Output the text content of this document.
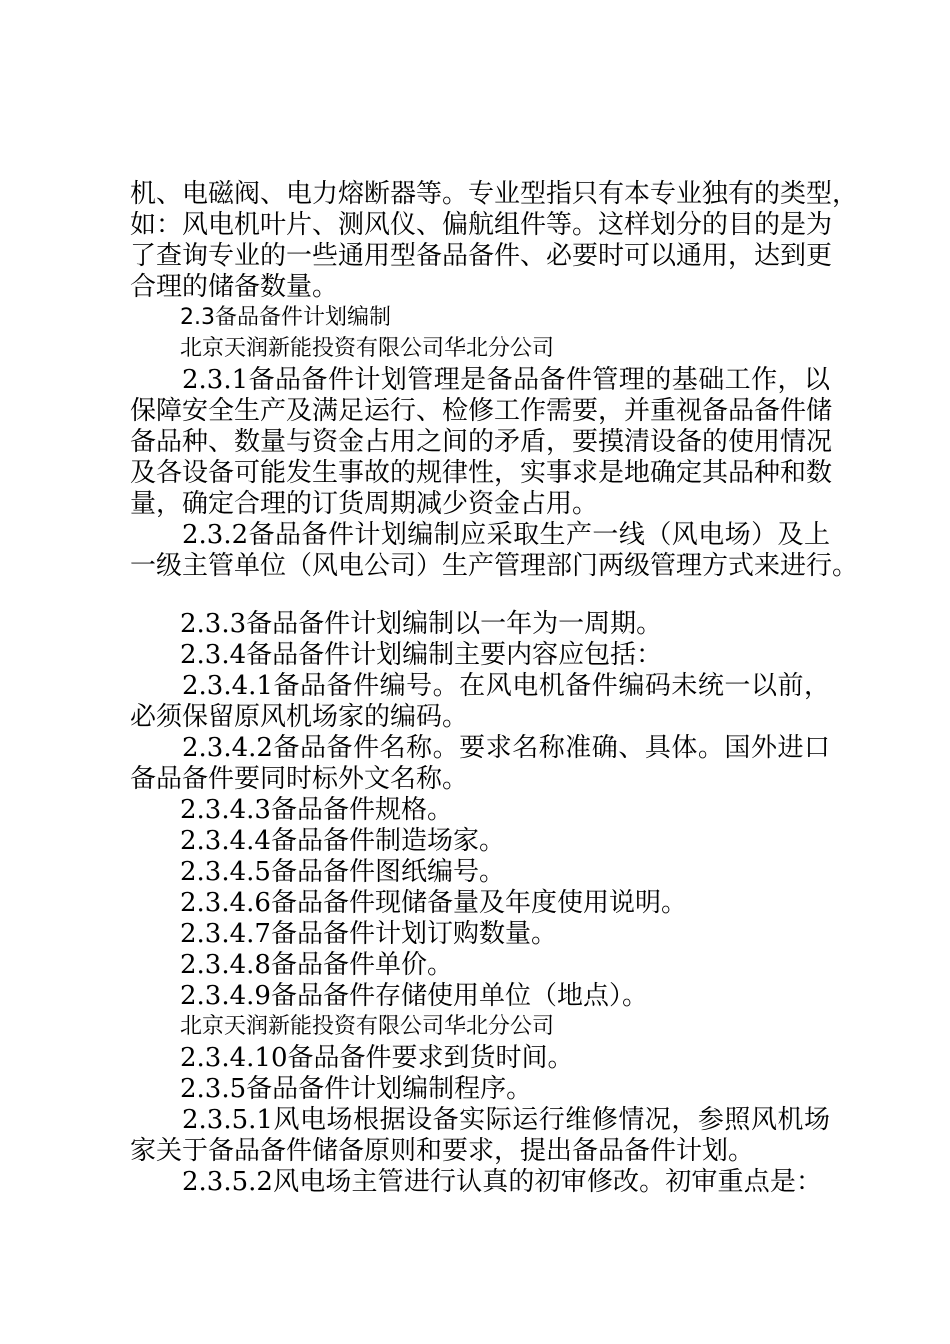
机、电磁阀、电力熔断器等。专业型指只有本专业独有的类型，
如：风电机叶片、测风仪、偏航组件等。这样划分的目的是为
了查询专业的一些通用型备品备件、必要时可以通用，达到更
合理的储备数量。
2.3备品备件计划编制
北京天润新能投资有限公司华北分公司
2.3.1备品备件计划管理是备品备件管理的基础工作，以
保障安全生产及满足运行、检修工作需要，并重视备品备件储
备品种、数量与资金占用之间的矛盾，要摸清设备的使用情况
及各设备可能发生事故的规律性，实事求是地确定其品种和数
量，确定合理的订货周期减少资金占用。
2.3.2备品备件计划编制应采取生产一线（风电场）及上
一级主管单位（风电公司）生产管理部门两级管理方式来进行。
2.3.3备品备件计划编制以一年为一周期。
2.3.4备品备件计划编制主要内容应包括：
2.3.4.1备品备件编号。在风电机备件编码未统一以前，
必须保留原风机场家的编码。
2.3.4.2备品备件名称。要求名称准确、具体。国外进口
备品备件要同时标外文名称。
2.3.4.3备品备件规格。
2.3.4.4备品备件制造场家。
2.3.4.5备品备件图纸编号。
2.3.4.6备品备件现储备量及年度使用说明。
2.3.4.7备品备件计划订购数量。
2.3.4.8备品备件单价。
2.3.4.9备品备件存储使用单位（地点）。
北京天润新能投资有限公司华北分公司
2.3.4.10备品备件要求到货时间。
2.3.5备品备件计划编制程序。
2.3.5.1风电场根据设备实际运行维修情况，参照风机场
家关于备品备件储备原则和要求，提出备品备件计划。
2.3.5.2风电场主管进行认真的初审修改。初审重点是：
